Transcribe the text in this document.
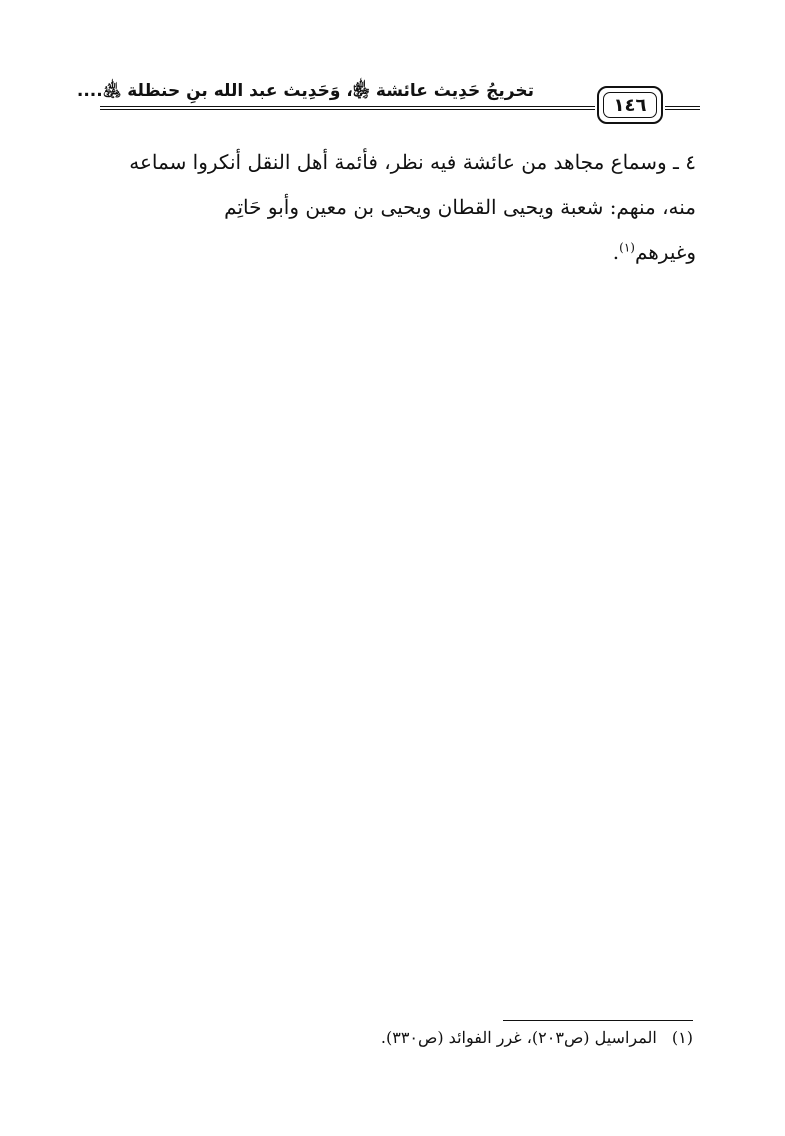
تخريجُ حَدِيث عائشة ﵂، وَحَدِيث عبد الله بنِ حنظلة ﵁....
١٤٦
٤ ـ وسماع مجاهد من عائشة فيه نظر، فأئمة أهل النقل أنكروا سماعه
منه، منهم: شعبة ويحيى القطان ويحيى بن معين وأبو حَاتِم
وغيرهم$^{(١)}$.
(١) المراسيل (ص٢٠٣)، غرر الفوائد (ص٣٣٠).
